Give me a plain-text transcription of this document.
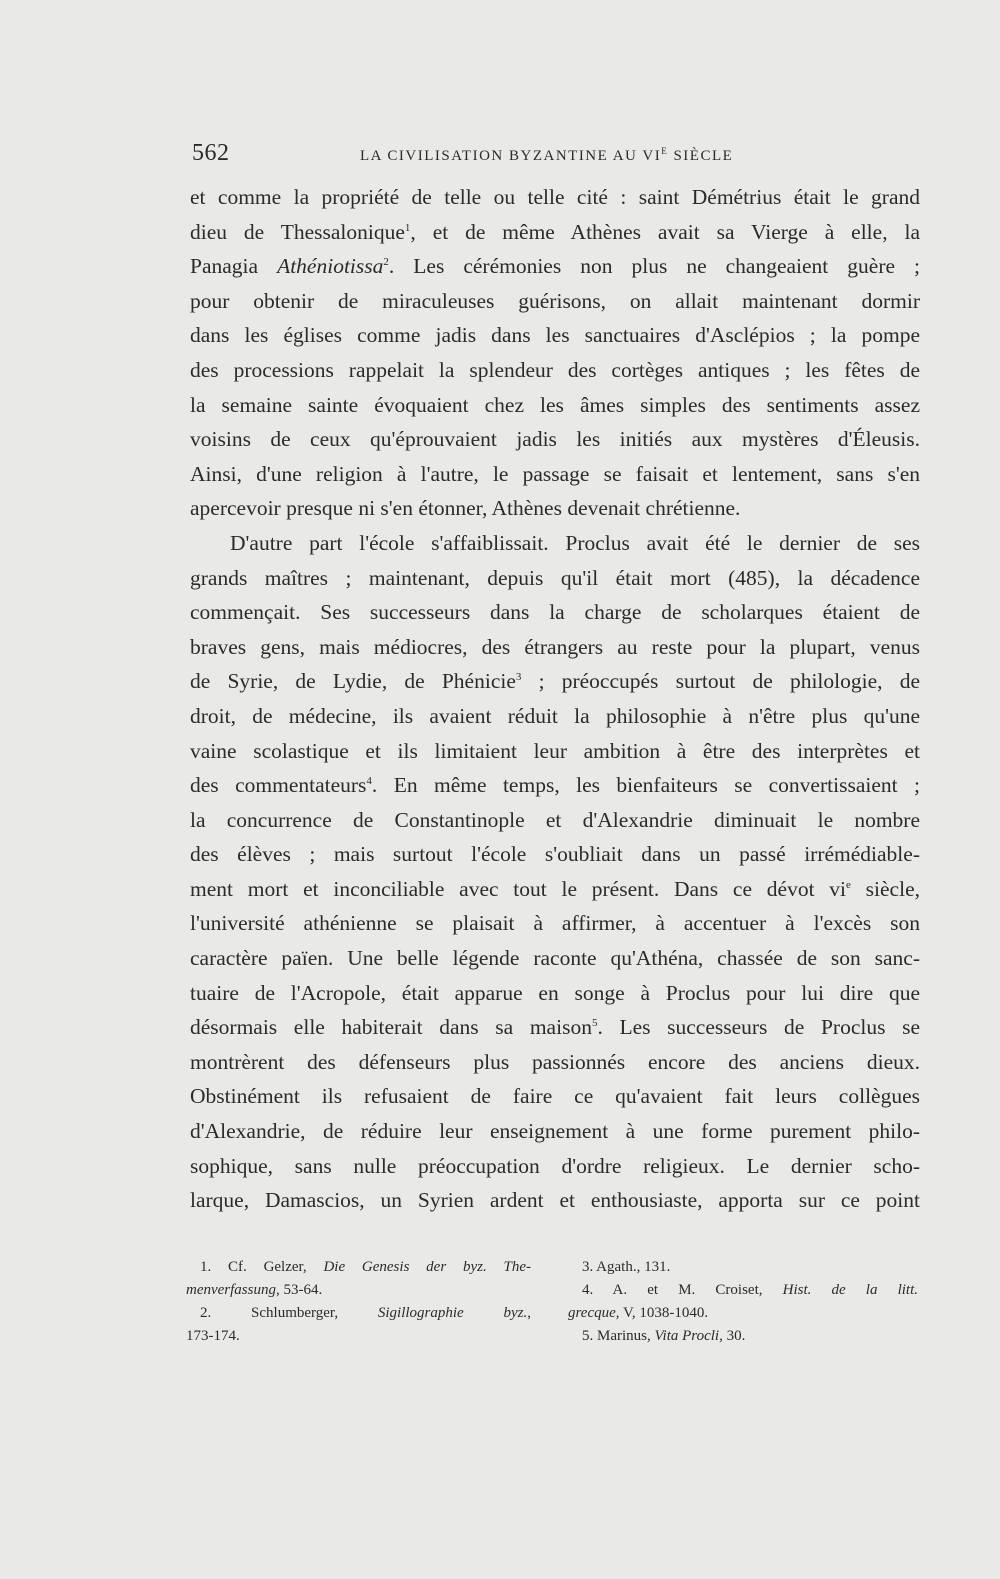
562	LA CIVILISATION BYZANTINE AU $VI^E$ SIÈCLE
et comme la propriété de telle ou telle cité : saint Démétrius était le grand
dieu de Thessalonique$^1$, et de même Athènes avait sa Vierge à elle, la
Panagia Athéniotissa$^2$. Les cérémonies non plus ne changeaient guère ;
pour obtenir de miraculeuses guérisons, on allait maintenant dormir
dans les églises comme jadis dans les sanctuaires d'Asclépios ; la pompe
des processions rappelait la splendeur des cortèges antiques ; les fêtes de
la semaine sainte évoquaient chez les âmes simples des sentiments assez
voisins de ceux qu'éprouvaient jadis les initiés aux mystères d'Éleusis.
Ainsi, d'une religion à l'autre, le passage se faisait et lentement, sans s'en
apercevoir presque ni s'en étonner, Athènes devenait chrétienne.
D'autre part l'école s'affaiblissait. Proclus avait été le dernier de ses
grands maîtres ; maintenant, depuis qu'il était mort (485), la décadence
commençait. Ses successeurs dans la charge de scholarques étaient de
braves gens, mais médiocres, des étrangers au reste pour la plupart, venus
de Syrie, de Lydie, de Phénicie$^3$ ; préoccupés surtout de philologie, de
droit, de médecine, ils avaient réduit la philosophie à n'être plus qu'une
vaine scolastique et ils limitaient leur ambition à être des interprètes et
des commentateurs$^4$. En même temps, les bienfaiteurs se convertissaient ;
la concurrence de Constantinople et d'Alexandrie diminuait le nombre
des élèves ; mais surtout l'école s'oubliait dans un passé irrémédiable-
ment mort et inconciliable avec tout le présent. Dans ce dévot $vi^e$ siècle,
l'université athénienne se plaisait à affirmer, à accentuer à l'excès son
caractère païen. Une belle légende raconte qu'Athéna, chassée de son sanc-
tuaire de l'Acropole, était apparue en songe à Proclus pour lui dire que
désormais elle habiterait dans sa maison$^5$. Les successeurs de Proclus se
montrèrent des défenseurs plus passionnés encore des anciens dieux.
Obstinément ils refusaient de faire ce qu'avaient fait leurs collègues
d'Alexandrie, de réduire leur enseignement à une forme purement philo-
sophique, sans nulle préoccupation d'ordre religieux. Le dernier scho-
larque, Damascios, un Syrien ardent et enthousiaste, apporta sur ce point
1. Cf. Gelzer, Die Genesis der byz. The-
menverfassung, 53-64.
2. Schlumberger, Sigillographie byz.,
173-174.
3. Agath., 131.
4. A. et M. Croiset, Hist. de la litt.
grecque, V, 1038-1040.
5. Marinus, Vita Procli, 30.
